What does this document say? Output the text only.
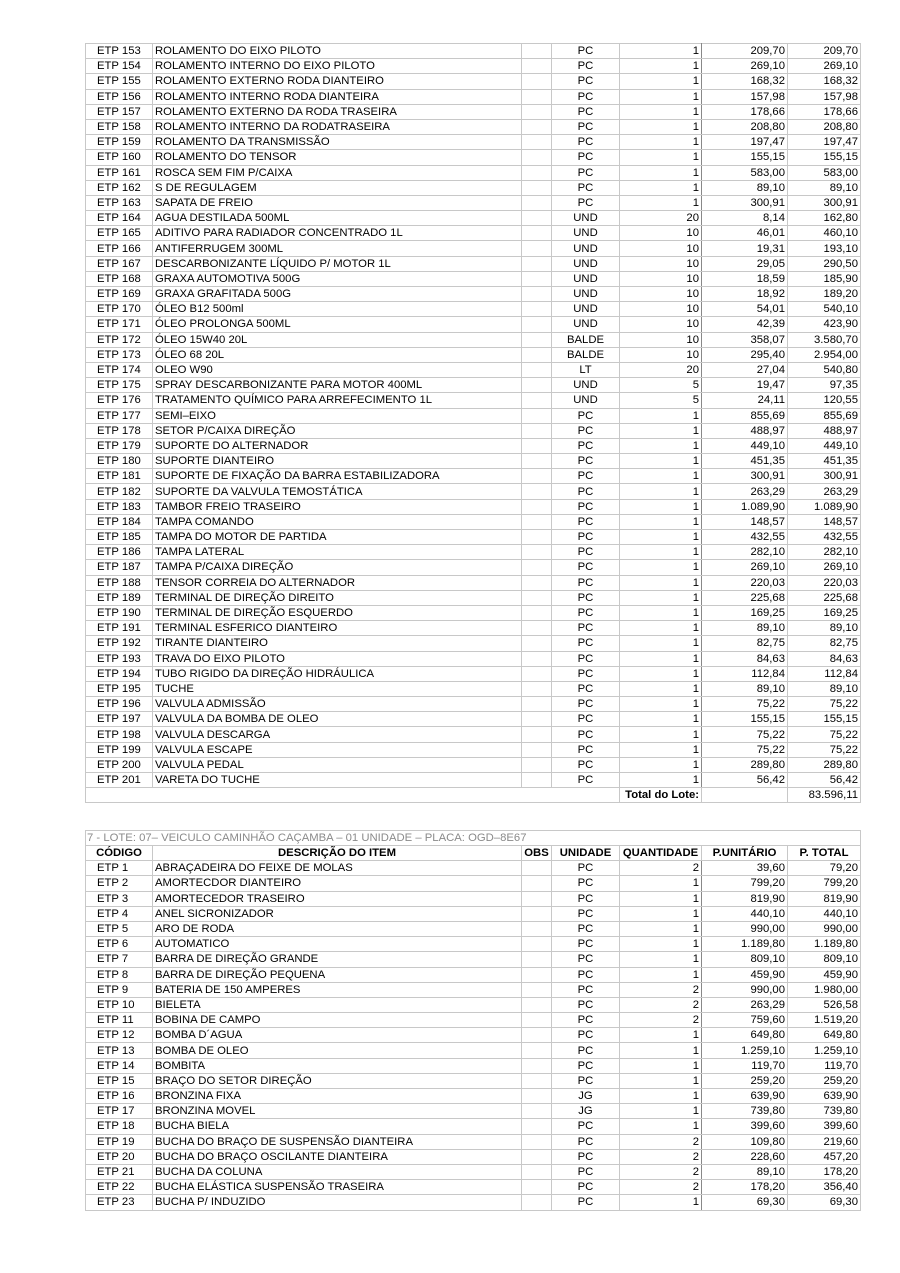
ETP 153	ROLAMENTO DO EIXO PILOTO		PC	1	209,70	209,70
ETP 154	ROLAMENTO INTERNO DO EIXO PILOTO		PC	1	269,10	269,10
ETP 155	ROLAMENTO EXTERNO RODA DIANTEIRO		PC	1	168,32	168,32
ETP 156	ROLAMENTO INTERNO RODA DIANTEIRA		PC	1	157,98	157,98
ETP 157	ROLAMENTO EXTERNO DA RODA TRASEIRA		PC	1	178,66	178,66
ETP 158	ROLAMENTO INTERNO DA RODATRASEIRA		PC	1	208,80	208,80
ETP 159	ROLAMENTO DA TRANSMISSÃO		PC	1	197,47	197,47
ETP 160	ROLAMENTO DO TENSOR		PC	1	155,15	155,15
ETP 161	ROSCA SEM FIM P/CAIXA		PC	1	583,00	583,00
ETP 162	S DE REGULAGEM		PC	1	89,10	89,10
ETP 163	SAPATA DE FREIO		PC	1	300,91	300,91
ETP 164	AGUA DESTILADA 500ML		UND	20	8,14	162,80
ETP 165	ADITIVO PARA RADIADOR CONCENTRADO 1L		UND	10	46,01	460,10
ETP 166	ANTIFERRUGEM 300ML		UND	10	19,31	193,10
ETP 167	DESCARBONIZANTE LÍQUIDO P/ MOTOR 1L		UND	10	29,05	290,50
ETP 168	GRAXA AUTOMOTIVA 500G		UND	10	18,59	185,90
ETP 169	GRAXA GRAFITADA 500G		UND	10	18,92	189,20
ETP 170	ÓLEO B12 500ml		UND	10	54,01	540,10
ETP 171	ÓLEO PROLONGA 500ML		UND	10	42,39	423,90
ETP 172	ÓLEO 15W40 20L		BALDE	10	358,07	3.580,70
ETP 173	ÓLEO 68 20L		BALDE	10	295,40	2.954,00
ETP 174	OLEO W90		LT	20	27,04	540,80
ETP 175	SPRAY DESCARBONIZANTE PARA MOTOR 400ML		UND	5	19,47	97,35
ETP 176	TRATAMENTO QUÍMICO PARA ARREFECIMENTO 1L		UND	5	24,11	120,55
ETP 177	SEMI–EIXO		PC	1	855,69	855,69
ETP 178	SETOR P/CAIXA DIREÇÃO		PC	1	488,97	488,97
ETP 179	SUPORTE DO ALTERNADOR		PC	1	449,10	449,10
ETP 180	SUPORTE DIANTEIRO		PC	1	451,35	451,35
ETP 181	SUPORTE DE FIXAÇÃO DA BARRA ESTABILIZADORA		PC	1	300,91	300,91
ETP 182	SUPORTE DA VALVULA TEMOSTÁTICA		PC	1	263,29	263,29
ETP 183	TAMBOR FREIO TRASEIRO		PC	1	1.089,90	1.089,90
ETP 184	TAMPA COMANDO		PC	1	148,57	148,57
ETP 185	TAMPA DO MOTOR DE PARTIDA		PC	1	432,55	432,55
ETP 186	TAMPA LATERAL		PC	1	282,10	282,10
ETP 187	TAMPA P/CAIXA DIREÇÃO		PC	1	269,10	269,10
ETP 188	TENSOR CORREIA DO ALTERNADOR		PC	1	220,03	220,03
ETP 189	TERMINAL DE DIREÇÃO DIREITO		PC	1	225,68	225,68
ETP 190	TERMINAL DE DIREÇÃO ESQUERDO		PC	1	169,25	169,25
ETP 191	TERMINAL ESFERICO DIANTEIRO		PC	1	89,10	89,10
ETP 192	TIRANTE DIANTEIRO		PC	1	82,75	82,75
ETP 193	TRAVA DO EIXO PILOTO		PC	1	84,63	84,63
ETP 194	TUBO RIGIDO DA DIREÇÃO HIDRÁULICA		PC	1	112,84	112,84
ETP 195	TUCHE		PC	1	89,10	89,10
ETP 196	VALVULA ADMISSÃO		PC	1	75,22	75,22
ETP 197	VALVULA DA BOMBA DE OLEO		PC	1	155,15	155,15
ETP 198	VALVULA DESCARGA		PC	1	75,22	75,22
ETP 199	VALVULA ESCAPE		PC	1	75,22	75,22
ETP 200	VALVULA PEDAL		PC	1	289,80	289,80
ETP 201	VARETA DO TUCHE		PC	1	56,42	56,42
				Total do Lote:		83.596,11
7 - LOTE: 07– VEICULO CAMINHÃO CAÇAMBA – 01 UNIDADE – PLACA: OGD–8E67
CÓDIGO	DESCRIÇÃO DO ITEM	OBS	UNIDADE	QUANTIDADE	P.UNITÁRIO	P. TOTAL
ETP 1	ABRAÇADEIRA DO FEIXE DE MOLAS		PC	2	39,60	79,20
ETP 2	AMORTECDOR DIANTEIRO		PC	1	799,20	799,20
ETP 3	AMORTECEDOR TRASEIRO		PC	1	819,90	819,90
ETP 4	ANEL SICRONIZADOR		PC	1	440,10	440,10
ETP 5	ARO DE RODA		PC	1	990,00	990,00
ETP 6	AUTOMATICO		PC	1	1.189,80	1.189,80
ETP 7	BARRA DE DIREÇÃO GRANDE		PC	1	809,10	809,10
ETP 8	BARRA DE DIREÇÃO PEQUENA		PC	1	459,90	459,90
ETP 9	BATERIA DE 150 AMPERES		PC	2	990,00	1.980,00
ETP 10	BIELETA		PC	2	263,29	526,58
ETP 11	BOBINA DE CAMPO		PC	2	759,60	1.519,20
ETP 12	BOMBA D´AGUA		PC	1	649,80	649,80
ETP 13	BOMBA DE OLEO		PC	1	1.259,10	1.259,10
ETP 14	BOMBITA		PC	1	119,70	119,70
ETP 15	BRAÇO DO SETOR DIREÇÃO		PC	1	259,20	259,20
ETP 16	BRONZINA FIXA		JG	1	639,90	639,90
ETP 17	BRONZINA MOVEL		JG	1	739,80	739,80
ETP 18	BUCHA BIELA		PC	1	399,60	399,60
ETP 19	BUCHA DO BRAÇO DE SUSPENSÃO DIANTEIRA		PC	2	109,80	219,60
ETP 20	BUCHA DO BRAÇO OSCILANTE DIANTEIRA		PC	2	228,60	457,20
ETP 21	BUCHA DA COLUNA		PC	2	89,10	178,20
ETP 22	BUCHA ELÁSTICA SUSPENSÃO TRASEIRA		PC	2	178,20	356,40
ETP 23	BUCHA P/ INDUZIDO		PC	1	69,30	69,30
